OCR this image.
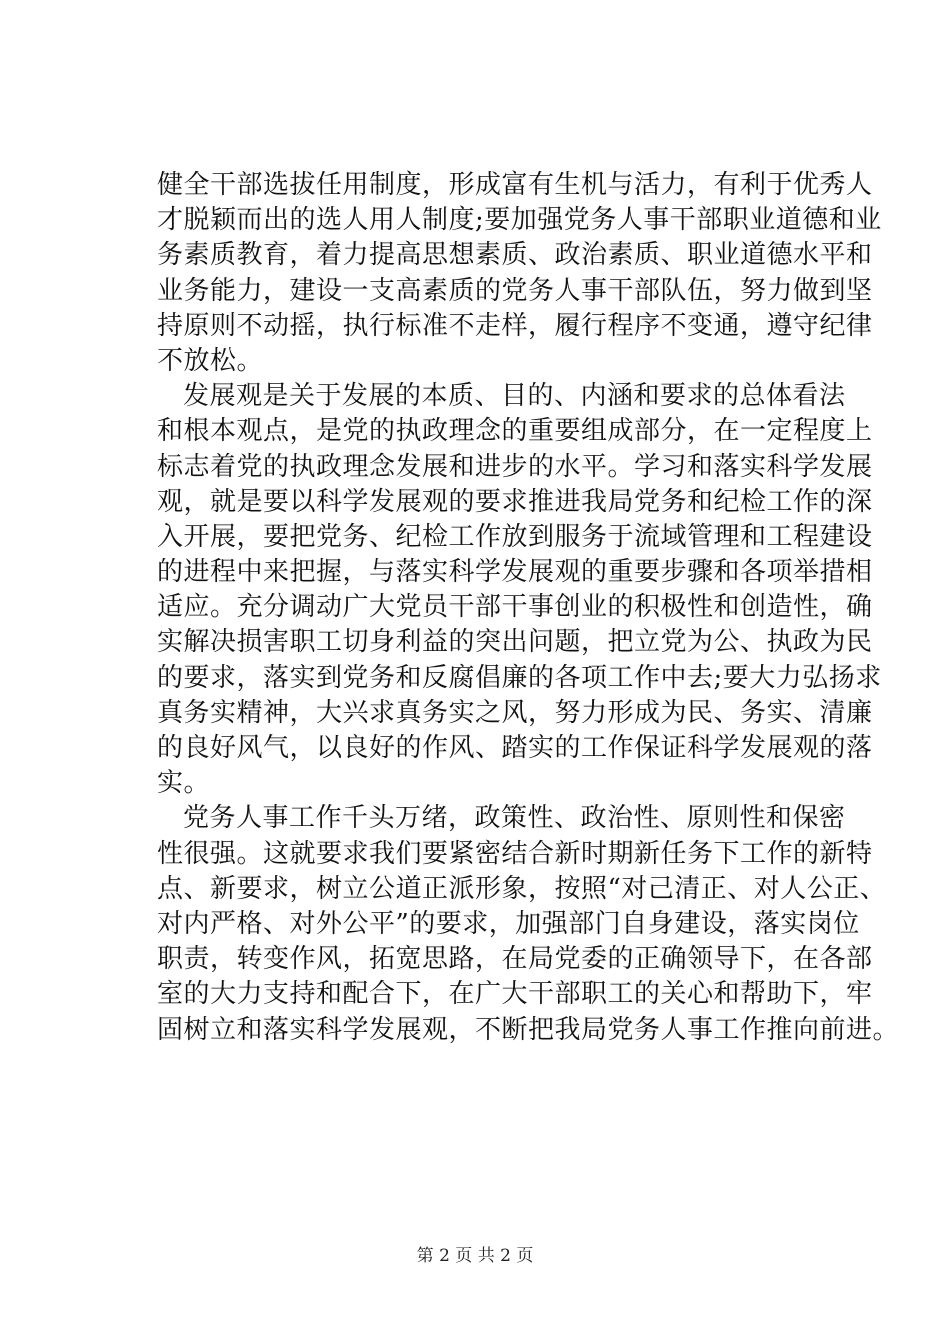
健全干部选拔任用制度，形成富有生机与活力，有利于优秀人
才脱颖而出的选人用人制度;要加强党务人事干部职业道德和业
务素质教育，着力提高思想素质、政治素质、职业道德水平和
业务能力，建设一支高素质的党务人事干部队伍，努力做到坚
持原则不动摇，执行标准不走样，履行程序不变通，遵守纪律
不放松。
发展观是关于发展的本质、目的、内涵和要求的总体看法
和根本观点，是党的执政理念的重要组成部分，在一定程度上
标志着党的执政理念发展和进步的水平。学习和落实科学发展
观，就是要以科学发展观的要求推进我局党务和纪检工作的深
入开展，要把党务、纪检工作放到服务于流域管理和工程建设
的进程中来把握，与落实科学发展观的重要步骤和各项举措相
适应。充分调动广大党员干部干事创业的积极性和创造性，确
实解决损害职工切身利益的突出问题，把立党为公、执政为民
的要求，落实到党务和反腐倡廉的各项工作中去;要大力弘扬求
真务实精神，大兴求真务实之风，努力形成为民、务实、清廉
的良好风气，以良好的作风、踏实的工作保证科学发展观的落
实。
党务人事工作千头万绪，政策性、政治性、原则性和保密
性很强。这就要求我们要紧密结合新时期新任务下工作的新特
点、新要求，树立公道正派形象，按照“对己清正、对人公正、
对内严格、对外公平”的要求，加强部门自身建设，落实岗位
职责，转变作风，拓宽思路，在局党委的正确领导下，在各部
室的大力支持和配合下，在广大干部职工的关心和帮助下，牢
固树立和落实科学发展观，不断把我局党务人事工作推向前进。
第 2 页 共 2 页
